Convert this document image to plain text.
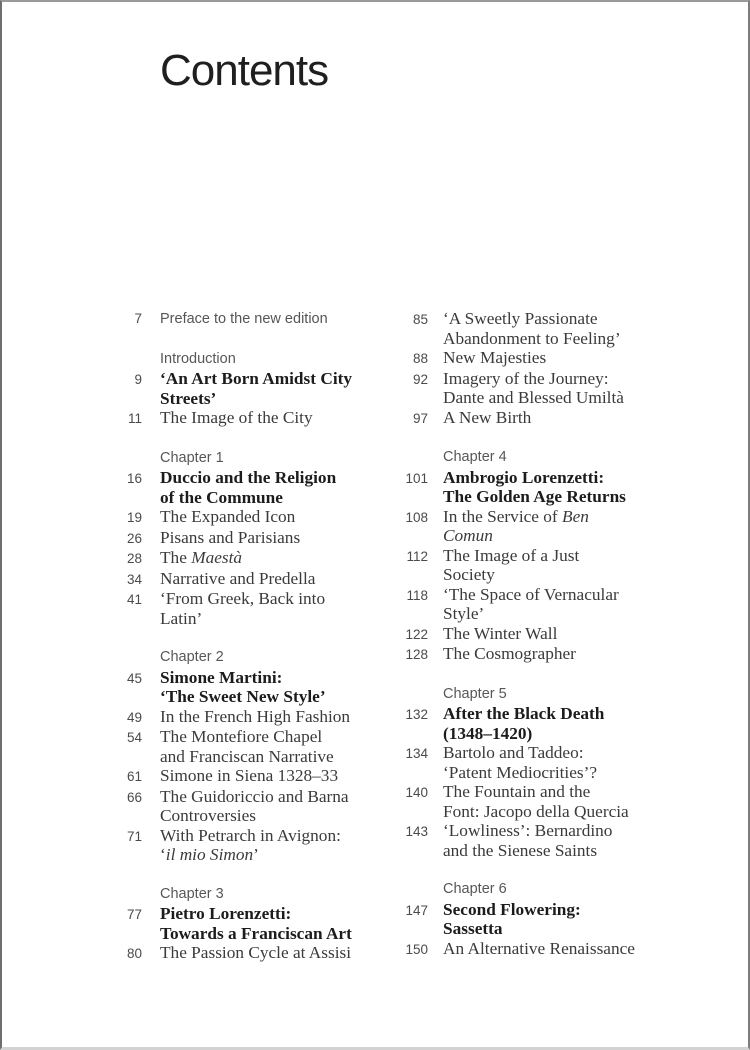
Contents
7 Preface to the new edition
Introduction
9 ‘An Art Born Amidst City
Streets’
11 The Image of the City
Chapter 1
16 Duccio and the Religion
of the Commune
19 The Expanded Icon
26 Pisans and Parisians
28 The Maestà
34 Narrative and Predella
41 ‘From Greek, Back into
Latin’
Chapter 2
45 Simone Martini:
‘The Sweet New Style’
49 In the French High Fashion
54 The Montefiore Chapel
and Franciscan Narrative
61 Simone in Siena 1328–33
66 The Guidoriccio and Barna
Controversies
71 With Petrarch in Avignon:
‘il mio Simon’
Chapter 3
77 Pietro Lorenzetti:
Towards a Franciscan Art
80 The Passion Cycle at Assisi
85 ‘A Sweetly Passionate
Abandonment to Feeling’
88 New Majesties
92 Imagery of the Journey:
Dante and Blessed Umiltà
97 A New Birth
Chapter 4
101 Ambrogio Lorenzetti:
The Golden Age Returns
108 In the Service of Ben
Comun
112 The Image of a Just
Society
118 ‘The Space of Vernacular
Style’
122 The Winter Wall
128 The Cosmographer
Chapter 5
132 After the Black Death
(1348–1420)
134 Bartolo and Taddeo:
‘Patent Mediocrities’?
140 The Fountain and the
Font: Jacopo della Quercia
143 ‘Lowliness’: Bernardino
and the Sienese Saints
Chapter 6
147 Second Flowering:
Sassetta
150 An Alternative Renaissance
